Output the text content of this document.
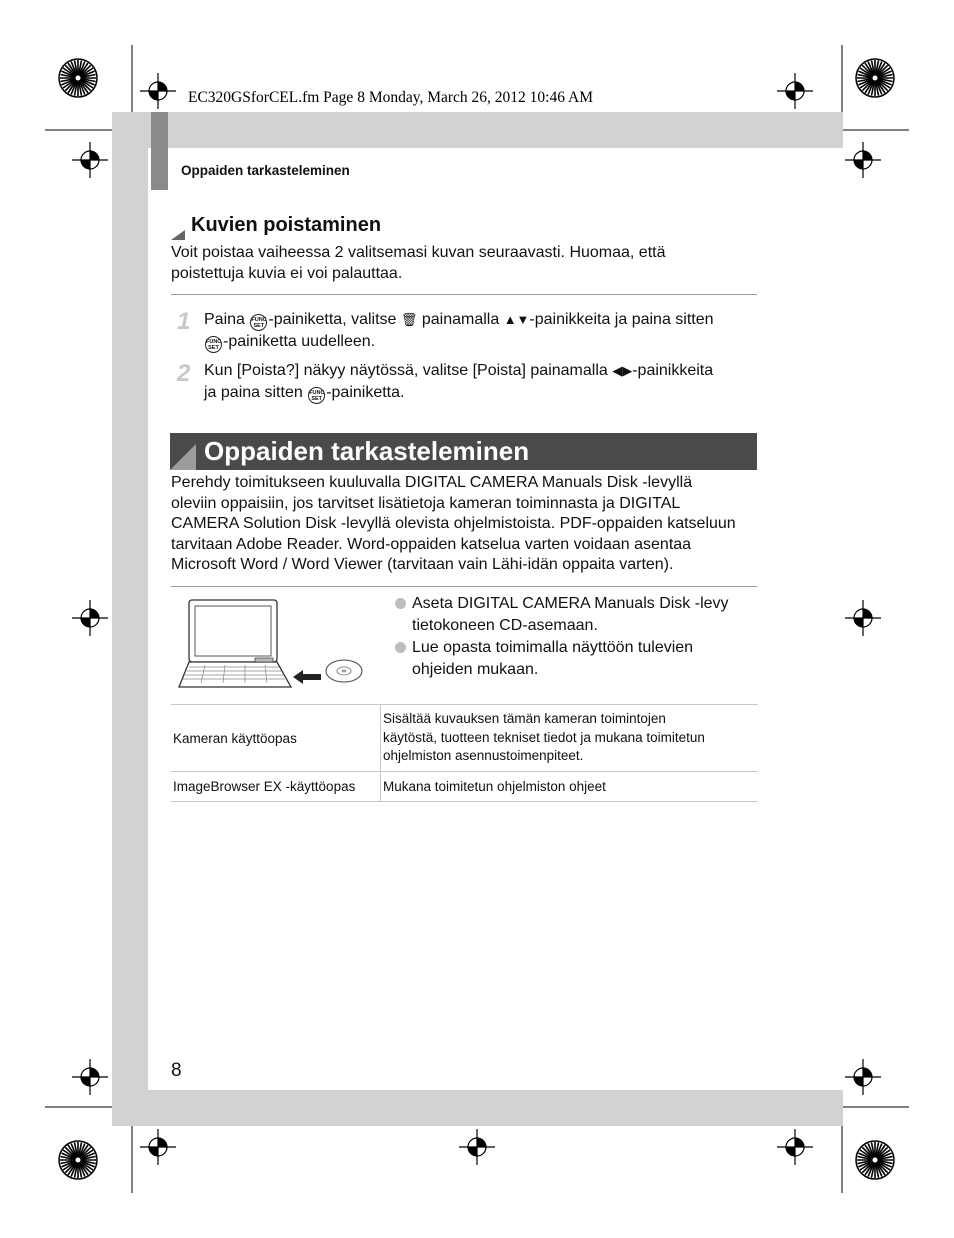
EC320GSforCEL.fm Page 8 Monday, March 26, 2012 10:46 AM
Oppaiden tarkasteleminen
Kuvien poistaminen
Voit poistaa vaiheessa 2 valitsemasi kuvan seuraavasti. Huomaa, että
poistettuja kuvia ei voi palauttaa.
1 Paina FUNC
SET -painiketta, valitse 🗑 painamalla ▲▼-painikkeita ja paina sitten
FUNC
SET -painiketta uudelleen.
2 Kun [Poista?] näkyy näytössä, valitse [Poista] painamalla ◀▶-painikkeita
ja paina sitten FUNC
SET -painiketta.
Oppaiden tarkasteleminen
Perehdy toimitukseen kuuluvalla DIGITAL CAMERA Manuals Disk -levyllä
oleviin oppaisiin, jos tarvitset lisätietoja kameran toiminnasta ja DIGITAL
CAMERA Solution Disk -levyllä olevista ohjelmistoista. PDF-oppaiden katseluun
tarvitaan Adobe Reader. Word-oppaiden katselua varten voidaan asentaa
Microsoft Word / Word Viewer (tarvitaan vain Lähi-idän oppaita varten).
Aseta DIGITAL CAMERA Manuals Disk -levy
tietokoneen CD-asemaan.
Lue opasta toimimalla näyttöön tulevien
ohjeiden mukaan.
Kameran käyttöopas	Sisältää kuvauksen tämän kameran toimintojen
käytöstä, tuotteen tekniset tiedot ja mukana toimitetun
ohjelmiston asennustoimenpiteet.

ImageBrowser EX -käyttöopas	Mukana toimitetun ohjelmiston ohjeet
8
